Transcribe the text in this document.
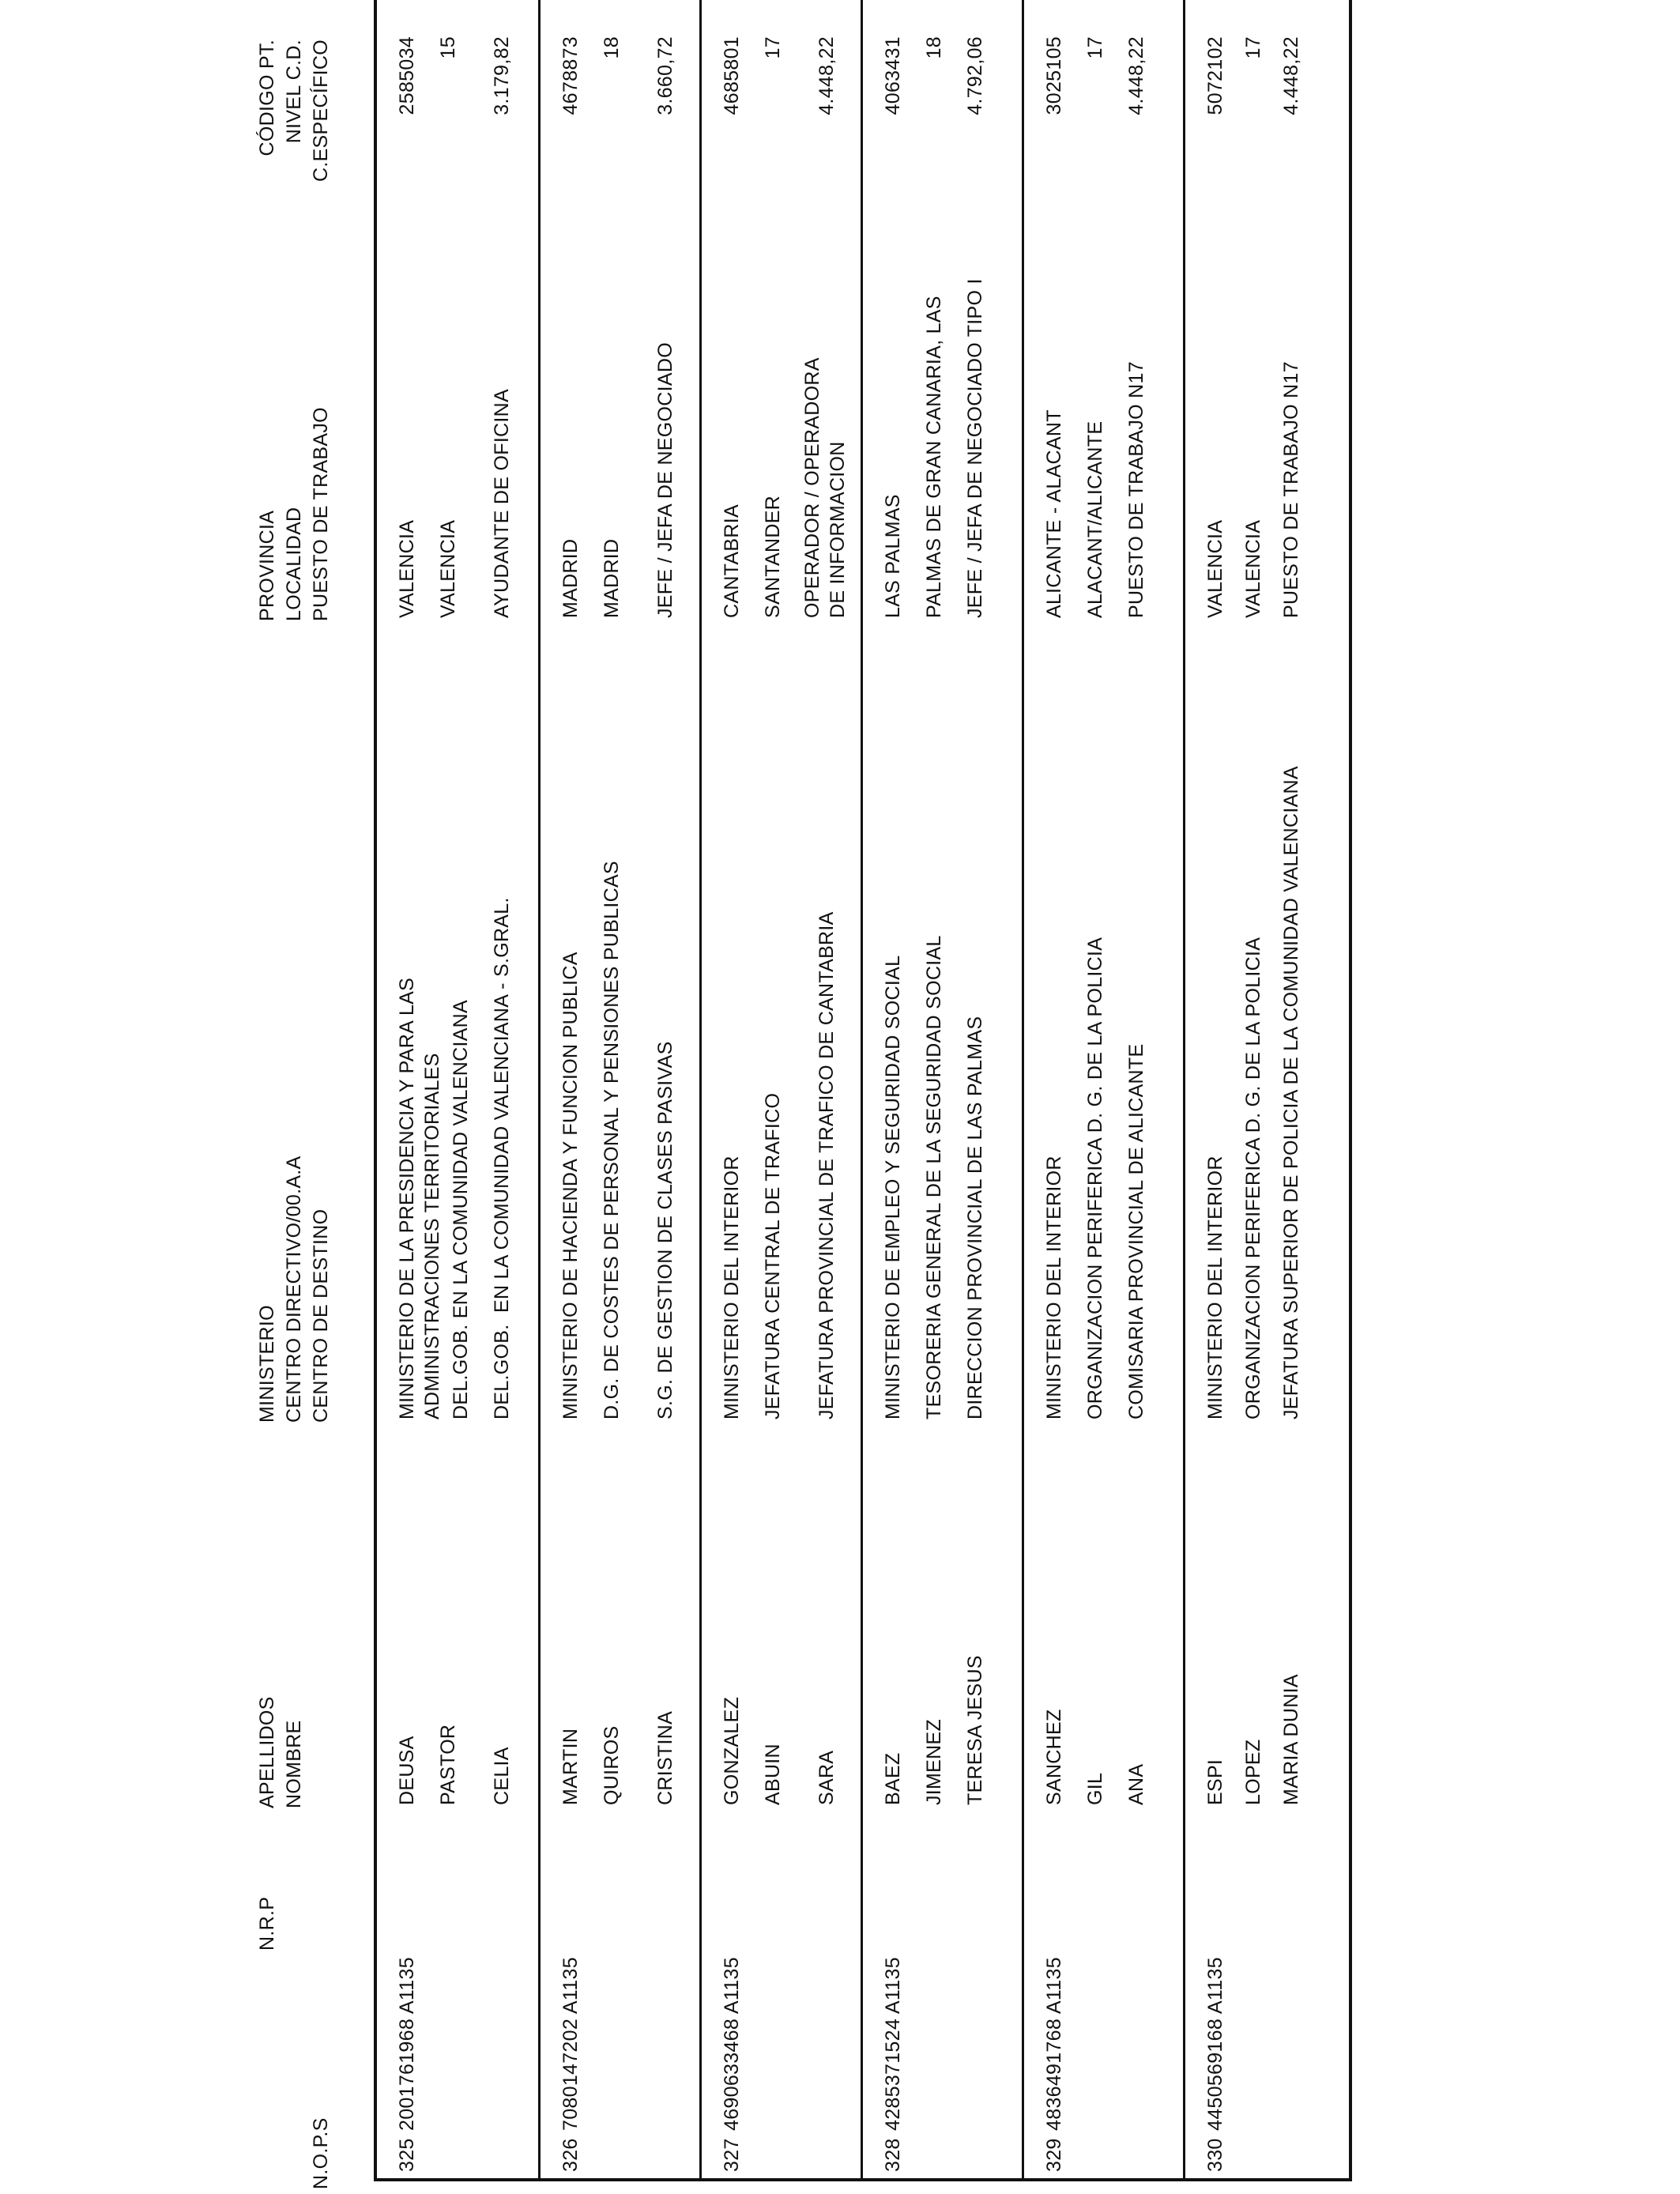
N.O.P.S
N.R.P
APELLIDOS NOMBRE
MINISTERIO CENTRO DIRECTIVO/00.A.A CENTRO DE DESTINO
PROVINCIA LOCALIDAD PUESTO DE TRABAJO
CÓDIGO PT. NIVEL C.D. C.ESPECÍFICO
325
2001761968 A1135
DEUSA PASTOR CELIA
MINISTERIO DE LA PRESIDENCIA Y PARA LAS ADMINISTRACIONES TERRITORIALES DEL.GOB. EN LA COMUNIDAD VALENCIANA DEL.GOB.  EN LA COMUNIDAD VALENCIANA - S.GRAL.
VALENCIA VALENCIA AYUDANTE DE OFICINA
2585034 15 3.179,82
326
7080147202 A1135
MARTIN QUIROS CRISTINA
MINISTERIO DE HACIENDA Y FUNCION PUBLICA D.G. DE COSTES DE PERSONAL Y PENSIONES PUBLICAS S.G. DE GESTION DE CLASES PASIVAS
MADRID MADRID JEFE / JEFA DE NEGOCIADO
4678873 18 3.660,72
327
4690633468 A1135
GONZALEZ ABUIN SARA
MINISTERIO DEL INTERIOR JEFATURA CENTRAL DE TRAFICO JEFATURA PROVINCIAL DE TRAFICO DE CANTABRIA
CANTABRIA SANTANDER OPERADOR / OPERADORA DE INFORMACION
4685801 17 4.448,22
328
4285371524 A1135
BAEZ JIMENEZ TERESA JESUS
MINISTERIO DE EMPLEO Y SEGURIDAD SOCIAL TESORERIA GENERAL DE LA SEGURIDAD SOCIAL DIRECCION PROVINCIAL DE LAS PALMAS
LAS PALMAS PALMAS DE GRAN CANARIA, LAS JEFE / JEFA DE NEGOCIADO TIPO I
4063431 18 4.792,06
329
4836491768 A1135
SANCHEZ GIL ANA
MINISTERIO DEL INTERIOR ORGANIZACION PERIFERICA D. G. DE LA POLICIA COMISARIA PROVINCIAL DE ALICANTE
ALICANTE - ALACANT ALACANT/ALICANTE PUESTO DE TRABAJO N17
3025105 17 4.448,22
330
4450569168 A1135
ESPI LOPEZ MARIA DUNIA
MINISTERIO DEL INTERIOR ORGANIZACION PERIFERICA D. G. DE LA POLICIA JEFATURA SUPERIOR DE POLICIA DE LA COMUNIDAD VALENCIANA
VALENCIA VALENCIA PUESTO DE TRABAJO N17
5072102 17 4.448,22
